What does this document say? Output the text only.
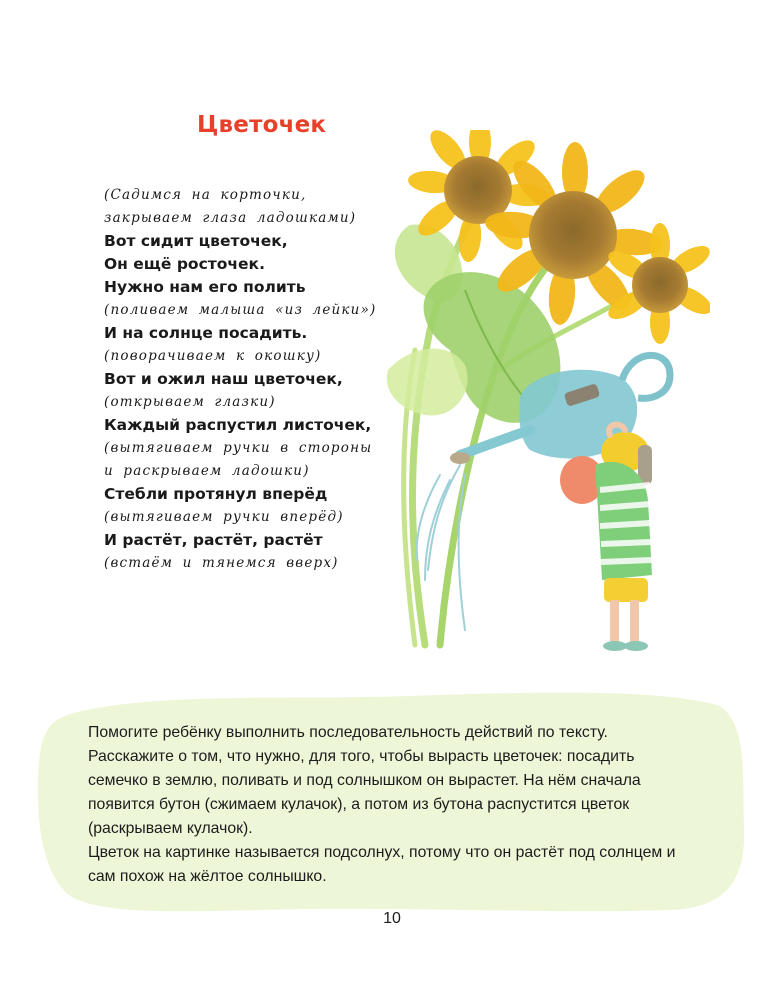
Цветочек
(Садимся на корточки,
закрываем глаза ладошками)
Вот сидит цветочек,
Он ещё росточек.
Нужно нам его полить
(поливаем малыша «из лейки»)
И на солнце посадить.
(поворачиваем к окошку)
Вот и ожил наш цветочек,
(открываем глазки)
Каждый распустил листочек,
(вытягиваем ручки в стороны
и раскрываем ладошки)
Стебли протянул вперёд
(вытягиваем ручки вперёд)
И растёт, растёт, растёт
(встаём и тянемся вверх)

Помогите ребёнку выполнить последовательность действий по тексту. Расскажите о том, что нужно, для того, чтобы вырасть цветочек: посадить семечко в землю, поливать и под солнышком он вырастет. На нём сначала появится бутон (сжимаем кулачок), а потом из бутона распустится цветок (раскрываем кулачок).

Цветок на картинке называется подсолнух, потому что он растёт под солнцем и сам похож на жёлтое солнышко.

10
